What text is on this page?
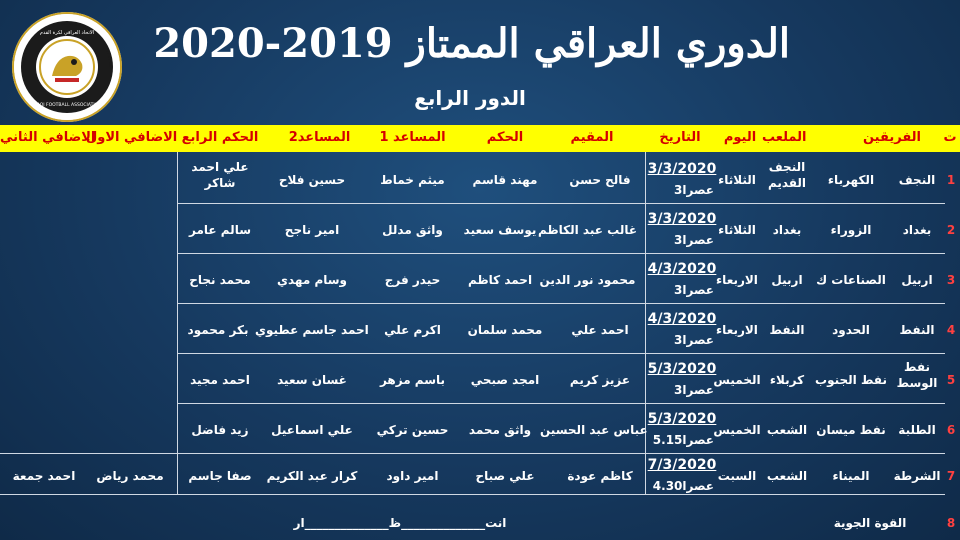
الاتحاد العراقي لكرة القدم
IRAQI FOOTBALL ASSOCIATION
الدوري العراقي الممتاز 2019-2020
الدور الرابع
ت
الفريقين
الملعب
اليوم
التاريخ
المقيم
الحكم
المساعد 1
المساعد2
الحكم الرابع
الاضافي الاول
الاضافي الثاني
1
النجف
الكهرباء
النجف القديم
الثلاثاء
3/3/2020
3عصرا
فالح حسن
مهند قاسم
ميثم خماط
حسين فلاح
علي احمد شاكر
2
بغداد
الزوراء
بغداد
الثلاثاء
3/3/2020
3عصرا
غالب عبد الكاظم
يوسف سعيد
واثق مدلل
امير ناجح
سالم عامر
3
اربيل
الصناعات ك
اربيل
الاربعاء
4/3/2020
3عصرا
محمود نور الدين
احمد كاظم
حيدر فرج
وسام مهدي
محمد نجاح
4
النفط
الحدود
النفط
الاربعاء
4/3/2020
3عصرا
احمد علي
محمد سلمان
اكرم علي
احمد جاسم عطيوي
بكر محمود
5
نفط الوسط
نفط الجنوب
كربلاء
الخميس
5/3/2020
3عصرا
عزيز كريم
امجد صبحي
باسم مزهر
غسان سعيد
احمد مجيد
6
الطلبة
نفط ميسان
الشعب
الخميس
5/3/2020
5.15عصرا
عباس عبد الحسين
واثق محمد
حسين تركي
علي اسماعيل
زيد فاضل
7
الشرطة
الميناء
الشعب
السبت
7/3/2020
4.30عصرا
كاظم عودة
علي صباح
امير داود
كرار عبد الكريم
صفا جاسم
محمد رياض
احمد جمعة
8
القوة الجوية
انت______________ظ______________ار
